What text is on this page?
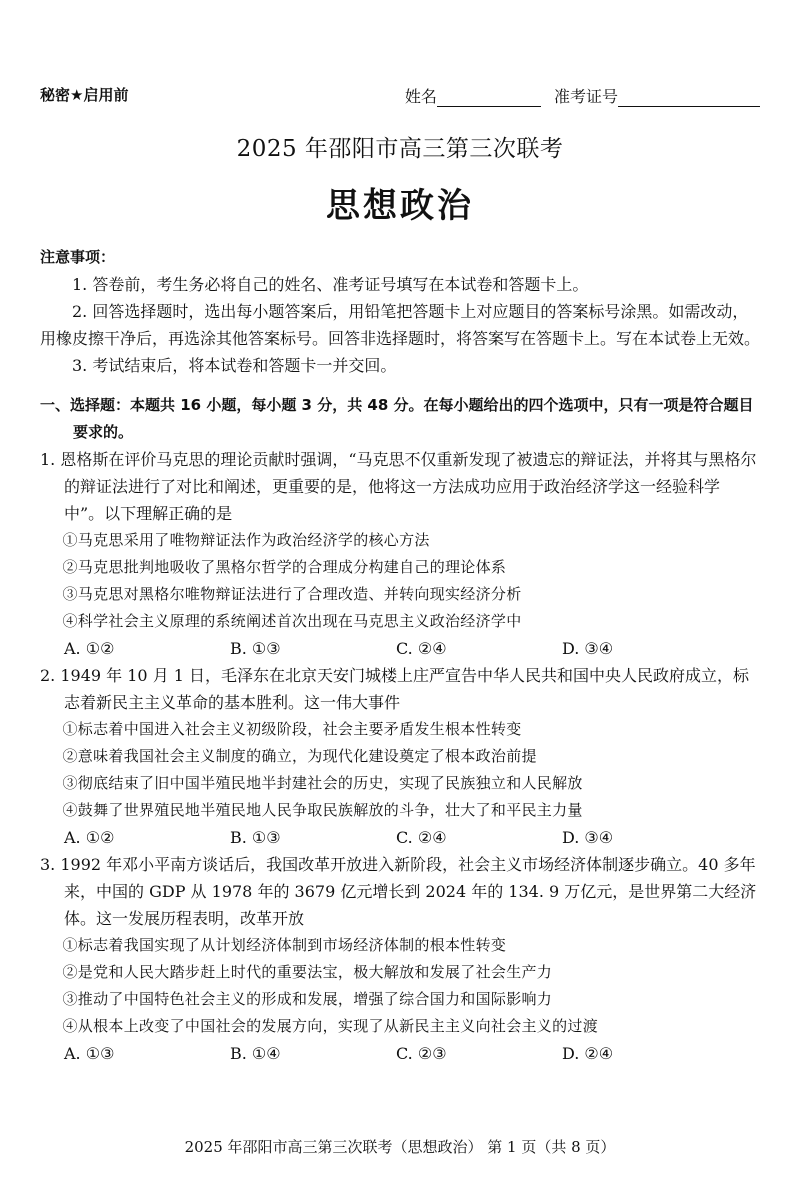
秘密★启用前	姓名	准考证号
2025 年邵阳市高三第三次联考
思想政治
注意事项：

1. 答卷前，考生务必将自己的姓名、准考证号填写在本试卷和答题卡上。

2. 回答选择题时，选出每小题答案后，用铅笔把答题卡上对应题目的答案标号涂黑。如需改动，用橡皮擦干净后，再选涂其他答案标号。回答非选择题时，将答案写在答题卡上。写在本试卷上无效。

3. 考试结束后，将本试卷和答题卡一并交回。

一、选择题：本题共 16 小题，每小题 3 分，共 48 分。在每小题给出的四个选项中，只有一项是符合题目要求的。
1. 恩格斯在评价马克思的理论贡献时强调，“马克思不仅重新发现了被遗忘的辩证法，并将其与黑格尔的辩证法进行了对比和阐述，更重要的是，他将这一方法成功应用于政治经济学这一经验科学中”。以下理解正确的是
①马克思采用了唯物辩证法作为政治经济学的核心方法
②马克思批判地吸收了黑格尔哲学的合理成分构建自己的理论体系
③马克思对黑格尔唯物辩证法进行了合理改造、并转向现实经济分析
④科学社会主义原理的系统阐述首次出现在马克思主义政治经济学中
A. ①②	B. ①③	C. ②④	D. ③④
2. 1949 年 10 月 1 日，毛泽东在北京天安门城楼上庄严宣告中华人民共和国中央人民政府成立，标志着新民主主义革命的基本胜利。这一伟大事件
①标志着中国进入社会主义初级阶段，社会主要矛盾发生根本性转变
②意味着我国社会主义制度的确立，为现代化建设奠定了根本政治前提
③彻底结束了旧中国半殖民地半封建社会的历史，实现了民族独立和人民解放
④鼓舞了世界殖民地半殖民地人民争取民族解放的斗争，壮大了和平民主力量
A. ①②	B. ①③	C. ②④	D. ③④
3. 1992 年邓小平南方谈话后，我国改革开放进入新阶段，社会主义市场经济体制逐步确立。40 多年来，中国的 GDP 从 1978 年的 3679 亿元增长到 2024 年的 134. 9 万亿元，是世界第二大经济体。这一发展历程表明，改革开放
①标志着我国实现了从计划经济体制到市场经济体制的根本性转变
②是党和人民大踏步赶上时代的重要法宝，极大解放和发展了社会生产力
③推动了中国特色社会主义的形成和发展，增强了综合国力和国际影响力
④从根本上改变了中国社会的发展方向，实现了从新民主主义向社会主义的过渡
A. ①③	B. ①④	C. ②③	D. ②④
2025 年邵阳市高三第三次联考（思想政治） 第 1 页（共 8 页）
